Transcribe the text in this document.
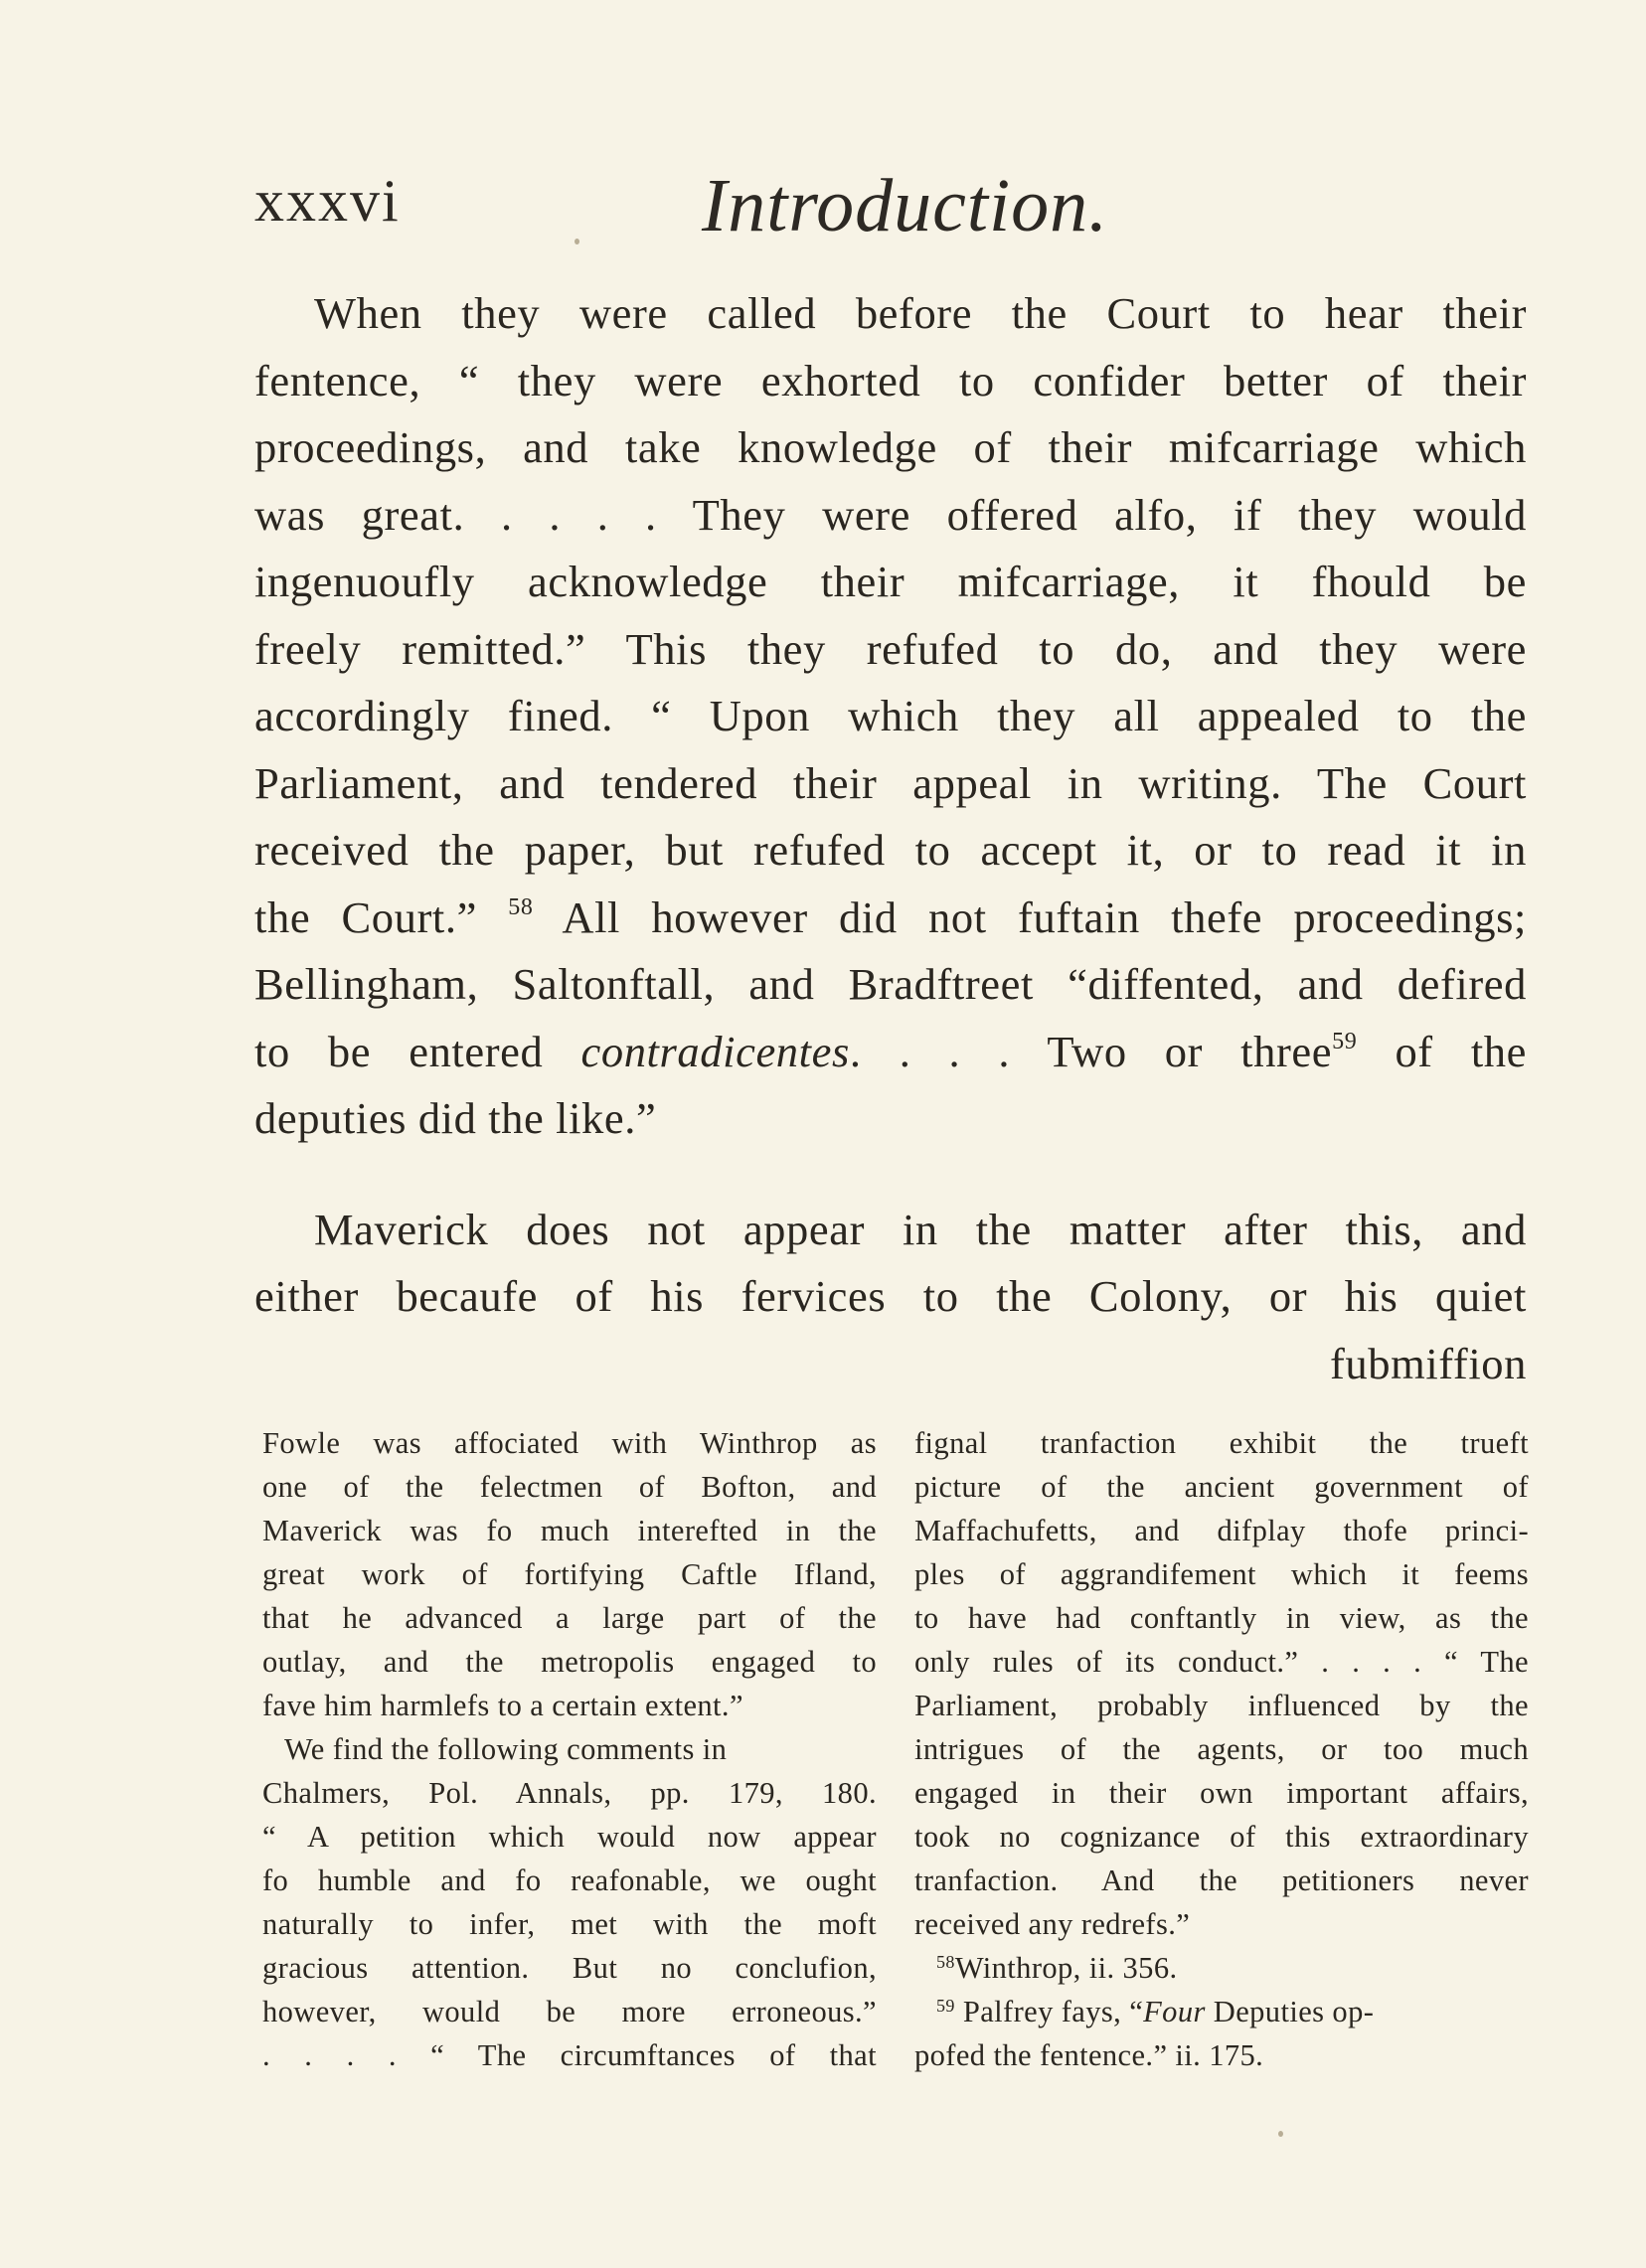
xxxvi	Introduction.
When they were called before the Court to hear their
fentence, “ they were exhorted to confider better of their
proceedings, and take knowledge of their mifcarriage which
was great. . . . . They were offered alfo, if they would
ingenuoufly acknowledge their mifcarriage, it fhould be
freely remitted.” This they refufed to do, and they were
accordingly fined. “ Upon which they all appealed to the
Parliament, and tendered their appeal in writing. The Court
received the paper, but refufed to accept it, or to read it in
the Court.” $^{58}$ All however did not fuftain thefe proceedings;
Bellingham, Saltonftall, and Bradftreet “diffented, and defired
to be entered contradicentes. . . . Two or three$^{59}$ of the
deputies did the like.”
Maverick does not appear in the matter after this, and
either becaufe of his fervices to the Colony, or his quiet
fubmiffion
Fowle was affociated with Winthrop as
one of the felectmen of Bofton, and
Maverick was fo much interefted in the
great work of fortifying Caftle Ifland,
that he advanced a large part of the
outlay, and the metropolis engaged to
fave him harmlefs to a certain extent.”
We find the following comments in
Chalmers, Pol. Annals, pp. 179, 180.
“ A petition which would now appear
fo humble and fo reafonable, we ought
naturally to infer, met with the moft
gracious attention. But no conclufion,
however, would be more erroneous.”
. . . . “ The circumftances of that
fignal tranfaction exhibit the trueft
picture of the ancient government of
Maffachufetts, and difplay thofe princi-
ples of aggrandifement which it feems
to have had conftantly in view, as the
only rules of its conduct.” . . . . “ The
Parliament, probably influenced by the
intrigues of the agents, or too much
engaged in their own important affairs,
took no cognizance of this extraordinary
tranfaction. And the petitioners never
received any redrefs.”
$^{58}$Winthrop, ii. 356.
$^{59}$ Palfrey fays, “Four Deputies op-
pofed the fentence.” ii. 175.
